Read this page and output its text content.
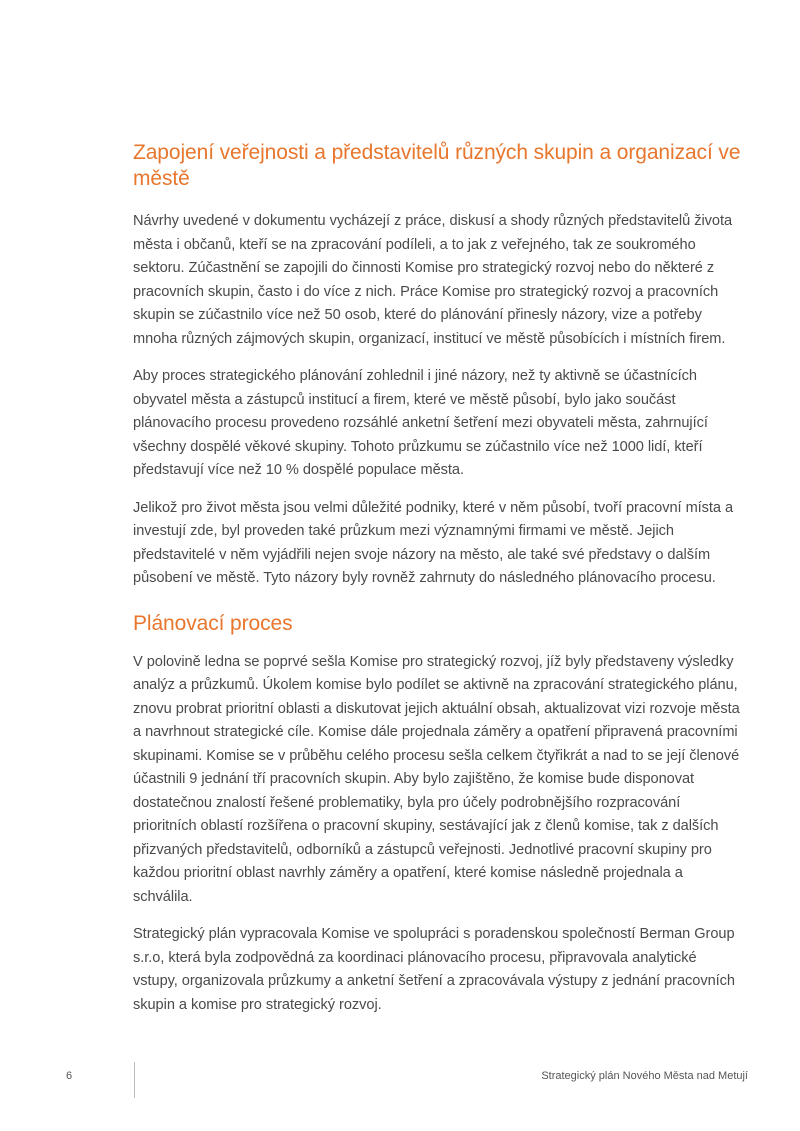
Zapojení veřejnosti a představitelů různých skupin a organizací ve městě

Návrhy uvedené v dokumentu vycházejí z práce, diskusí a shody různých představitelů života města i občanů, kteří se na zpracování podíleli, a to jak z veřejného, tak ze soukromého sektoru. Zúčastnění se zapojili do činnosti Komise pro strategický rozvoj nebo do některé z pracovních skupin, často i do více z nich. Práce Komise pro strategický rozvoj a pracovních skupin se zúčastnilo více než 50 osob, které do plánování přinesly názory, vize a potřeby mnoha různých zájmových skupin, organizací, institucí ve městě působících i místních firem.

Aby proces strategického plánování zohlednil i jiné názory, než ty aktivně se účastnících obyvatel města a zástupců institucí a firem, které ve městě působí, bylo jako součást plánovacího procesu provedeno rozsáhlé anketní šetření mezi obyvateli města, zahrnující všechny dospělé věkové skupiny. Tohoto průzkumu se zúčastnilo více než 1000 lidí, kteří představují více než 10 % dospělé populace města.

Jelikož pro život města jsou velmi důležité podniky, které v něm působí, tvoří pracovní místa a investují zde, byl proveden také průzkum mezi významnými firmami ve městě. Jejich představitelé v něm vyjádřili nejen svoje názory na město, ale také své představy o dalším působení ve městě. Tyto názory byly rovněž zahrnuty do následného plánovacího procesu.

Plánovací proces

V polovině ledna se poprvé sešla Komise pro strategický rozvoj, jíž byly představeny výsledky analýz a průzkumů. Úkolem komise bylo podílet se aktivně na zpracování strategického plánu, znovu probrat prioritní oblasti a diskutovat jejich aktuální obsah, aktualizovat vizi rozvoje města a navrhnout strategické cíle. Komise dále projednala záměry a opatření připravená pracovními skupinami. Komise se v průběhu celého procesu sešla celkem čtyřikrát a nad to se její členové účastnili 9 jednání tří pracovních skupin. Aby bylo zajištěno, že komise bude disponovat dostatečnou znalostí řešené problematiky, byla pro účely podrobnějšího rozpracování prioritních oblastí rozšířena o pracovní skupiny, sestávající jak z členů komise, tak z dalších přizvaných představitelů, odborníků a zástupců veřejnosti. Jednotlivé pracovní skupiny pro každou prioritní oblast navrhly záměry a opatření, které komise následně projednala a schválila.

Strategický plán vypracovala Komise ve spolupráci s poradenskou společností Berman Group s.r.o, která byla zodpovědná za koordinaci plánovacího procesu, připravovala analytické vstupy, organizovala průzkumy a anketní šetření a zpracovávala výstupy z jednání pracovních skupin a komise pro strategický rozvoj.

6	Strategický plán Nového Města nad Metují
